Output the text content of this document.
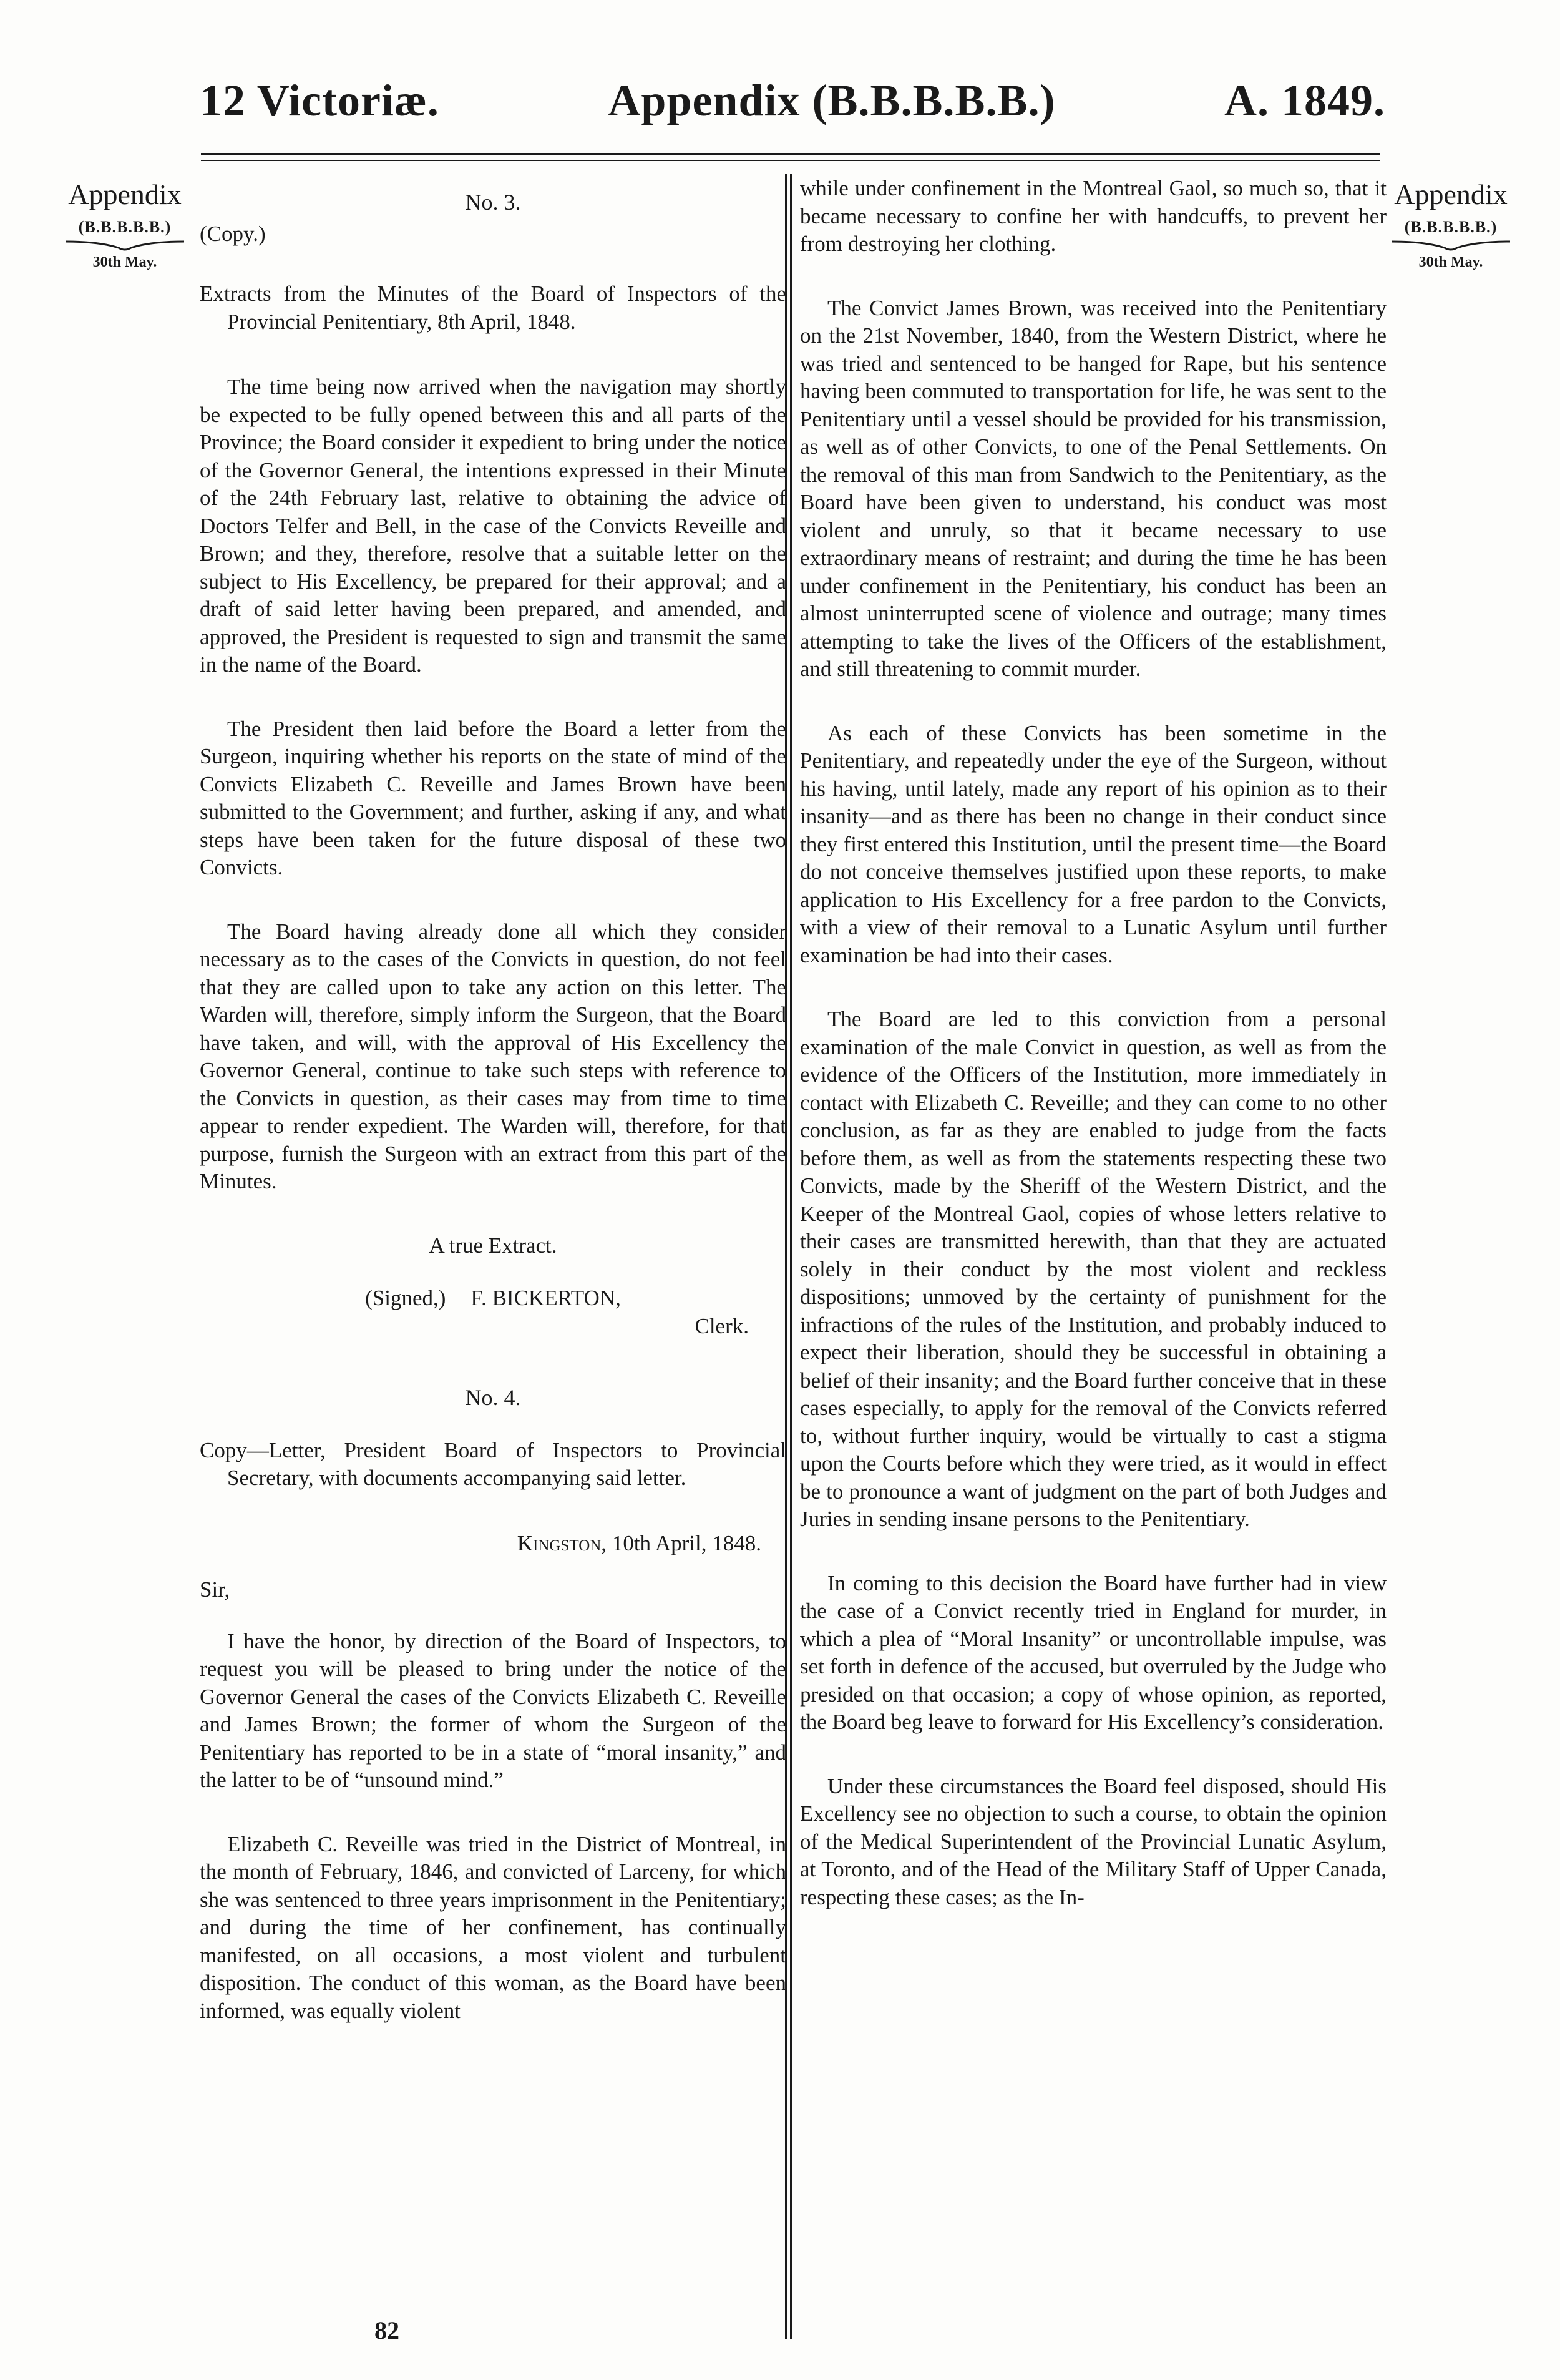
12 Victoriæ.	Appendix (B.B.B.B.B.)	A. 1849.
Appendix
(B.B.B.B.B.)
30th May.
Appendix
(B.B.B.B.B.)
30th May.

No. 3.

(Copy.)

Extracts from the Minutes of the Board of Inspectors of the Provincial Penitentiary, 8th April, 1848.

The time being now arrived when the navigation may shortly be expected to be fully opened between this and all parts of the Province; the Board consider it expedient to bring under the notice of the Governor General, the intentions expressed in their Minute of the 24th February last, relative to obtaining the advice of Doctors Telfer and Bell, in the case of the Convicts Reveille and Brown; and they, therefore, resolve that a suitable letter on the subject to His Excellency, be prepared for their approval; and a draft of said letter having been prepared, and amended, and approved, the President is requested to sign and transmit the same in the name of the Board.

The President then laid before the Board a letter from the Surgeon, inquiring whether his reports on the state of mind of the Convicts Elizabeth C. Reveille and James Brown have been submitted to the Government; and further, asking if any, and what steps have been taken for the future disposal of these two Convicts.

The Board having already done all which they consider necessary as to the cases of the Convicts in question, do not feel that they are called upon to take any action on this letter. The Warden will, therefore, simply inform the Surgeon, that the Board have taken, and will, with the approval of His Excellency the Governor General, continue to take such steps with reference to the Convicts in question, as their cases may from time to time appear to render expedient. The Warden will, therefore, for that purpose, furnish the Surgeon with an extract from this part of the Minutes.

A true Extract.

(Signed,) F. BICKERTON,

Clerk.

No. 4.

Copy—Letter, President Board of Inspectors to Provincial Secretary, with documents accompanying said letter.

Kingston, 10th April, 1848.

Sir,

I have the honor, by direction of the Board of Inspectors, to request you will be pleased to bring under the notice of the Governor General the cases of the Convicts Elizabeth C. Reveille and James Brown; the former of whom the Surgeon of the Penitentiary has reported to be in a state of “moral insanity,” and the latter to be of “unsound mind.”

Elizabeth C. Reveille was tried in the District of Montreal, in the month of February, 1846, and convicted of Larceny, for which she was sentenced to three years imprisonment in the Penitentiary; and during the time of her confinement, has continually manifested, on all occasions, a most violent and turbulent disposition. The conduct of this woman, as the Board have been informed, was equally violent

while under confinement in the Montreal Gaol, so much so, that it became necessary to confine her with handcuffs, to prevent her from destroying her clothing.

The Convict James Brown, was received into the Penitentiary on the 21st November, 1840, from the Western District, where he was tried and sentenced to be hanged for Rape, but his sentence having been commuted to transportation for life, he was sent to the Penitentiary until a vessel should be provided for his transmission, as well as of other Convicts, to one of the Penal Settlements. On the removal of this man from Sandwich to the Penitentiary, as the Board have been given to understand, his conduct was most violent and unruly, so that it became necessary to use extraordinary means of restraint; and during the time he has been under confinement in the Penitentiary, his conduct has been an almost uninterrupted scene of violence and outrage; many times attempting to take the lives of the Officers of the establishment, and still threatening to commit murder.

As each of these Convicts has been sometime in the Penitentiary, and repeatedly under the eye of the Surgeon, without his having, until lately, made any report of his opinion as to their insanity—and as there has been no change in their conduct since they first entered this Institution, until the present time—the Board do not conceive themselves justified upon these reports, to make application to His Excellency for a free pardon to the Convicts, with a view of their removal to a Lunatic Asylum until further examination be had into their cases.

The Board are led to this conviction from a personal examination of the male Convict in question, as well as from the evidence of the Officers of the Institution, more immediately in contact with Elizabeth C. Reveille; and they can come to no other conclusion, as far as they are enabled to judge from the facts before them, as well as from the statements respecting these two Convicts, made by the Sheriff of the Western District, and the Keeper of the Montreal Gaol, copies of whose letters relative to their cases are transmitted herewith, than that they are actuated solely in their conduct by the most violent and reckless dispositions; unmoved by the certainty of punishment for the infractions of the rules of the Institution, and probably induced to expect their liberation, should they be successful in obtaining a belief of their insanity; and the Board further conceive that in these cases especially, to apply for the removal of the Convicts referred to, without further inquiry, would be virtually to cast a stigma upon the Courts before which they were tried, as it would in effect be to pronounce a want of judgment on the part of both Judges and Juries in sending insane persons to the Penitentiary.

In coming to this decision the Board have further had in view the case of a Convict recently tried in England for murder, in which a plea of “Moral Insanity” or uncontrollable impulse, was set forth in defence of the accused, but overruled by the Judge who presided on that occasion; a copy of whose opinion, as reported, the Board beg leave to forward for His Excellency’s consideration.

Under these circumstances the Board feel disposed, should His Excellency see no objection to such a course, to obtain the opinion of the Medical Superintendent of the Provincial Lunatic Asylum, at Toronto, and of the Head of the Military Staff of Upper Canada, respecting these cases; as the In-

82
